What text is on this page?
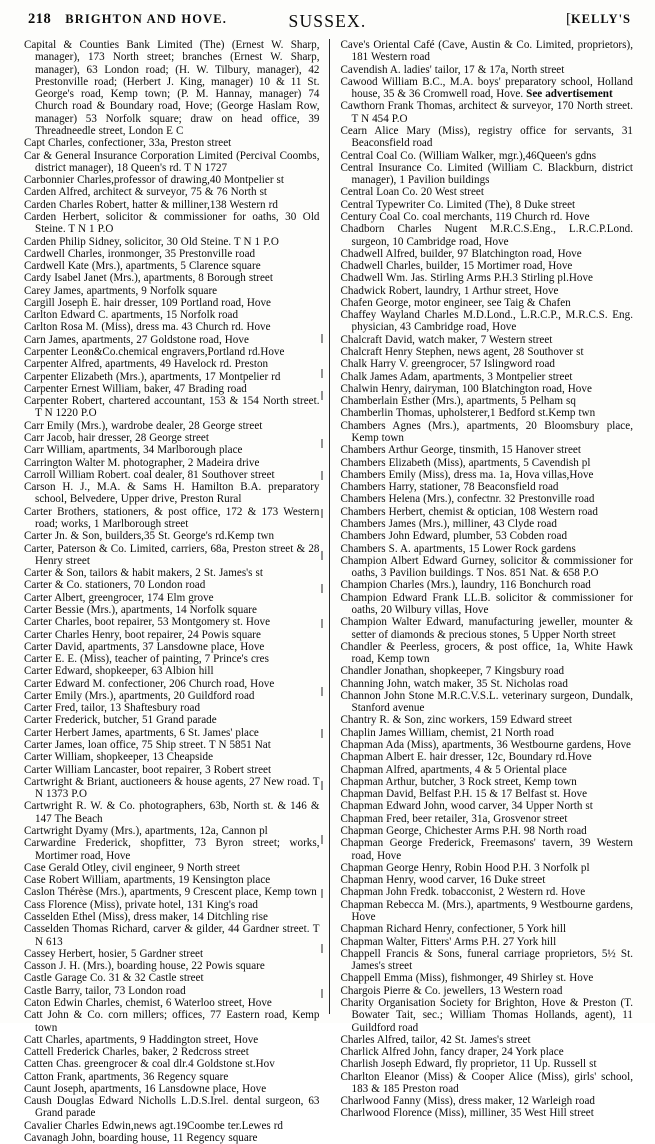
218 BRIGHTON AND HOVE.	SUSSEX.	[KELLY'S

Capital & Counties Bank Limited (The) (Ernest W. Sharp, manager), 173 North street; branches (Ernest W. Sharp, manager), 63 London road; (H. W. Tilbury, manager), 42 Prestonville road; (Herbert J. King, manager) 10 & 11 St. George's road, Kemp town; (P. M. Hannay, manager) 74 Church road & Boundary road, Hove; (George Haslam Row, manager) 53 Norfolk square; draw on head office, 39 Threadneedle street, London E C

Capt Charles, confectioner, 33a, Preston street

Car & General Insurance Corporation Limited (Percival Coombs, district manager), 18 Queen's rd. T N 1727

Carbonnier Charles,professor of drawing,40 Montpelier st

Carden Alfred, architect & surveyor, 75 & 76 North st

Carden Charles Robert, hatter & milliner,138 Western rd

Carden Herbert, solicitor & commissioner for oaths, 30 Old Steine. T N 1 P.O

Carden Philip Sidney, solicitor, 30 Old Steine. T N 1 P.O

Cardwell Charles, ironmonger, 35 Prestonville road

Cardwell Kate (Mrs.), apartments, 5 Clarence square

Cardy Isabel Janet (Mrs.), apartments, 8 Borough street

Carey James, apartments, 9 Norfolk square

Cargill Joseph E. hair dresser, 109 Portland road, Hove

Carlton Edward C. apartments, 15 Norfolk road

Carlton Rosa M. (Miss), dress ma. 43 Church rd. Hove

Carn James, apartments, 27 Goldstone road, Hove

Carpenter Leon&Co.chemical engravers,Portland rd.Hove

Carpenter Alfred, apartments, 49 Havelock rd. Preston

Carpenter Elizabeth (Mrs.), apartments, 17 Montpelier rd

Carpenter Ernest William, baker, 47 Brading road

Carpenter Robert, chartered accountant, 153 & 154 North street. T N 1220 P.O

Carr Emily (Mrs.), wardrobe dealer, 28 George street

Carr Jacob, hair dresser, 28 George street

Carr William, apartments, 34 Marlborough place

Carrington Walter M. photographer, 2 Madeira drive

Carroll William Robert. coal dealer, 81 Southover street

Carson H. J., M.A. & Sams H. Hamilton B.A. preparatory school, Belvedere, Upper drive, Preston Rural

Carter Brothers, stationers, & post office, 172 & 173 Western road; works, 1 Marlborough street

Carter Jn. & Son, builders,35 St. George's rd.Kemp twn

Carter, Paterson & Co. Limited, carriers, 68a, Preston street & 28 Henry street

Carter & Son, tailors & habit makers, 2 St. James's st

Carter & Co. stationers, 70 London road

Carter Albert, greengrocer, 174 Elm grove

Carter Bessie (Mrs.), apartments, 14 Norfolk square

Carter Charles, boot repairer, 53 Montgomery st. Hove

Carter Charles Henry, boot repairer, 24 Powis square

Carter David, apartments, 37 Lansdowne place, Hove

Carter E. E. (Miss), teacher of painting, 7 Prince's cres

Carter Edward, shopkeeper, 63 Albion hill

Carter Edward M. confectioner, 206 Church road, Hove

Carter Emily (Mrs.), apartments, 20 Guildford road

Carter Fred, tailor, 13 Shaftesbury road

Carter Frederick, butcher, 51 Grand parade

Carter Herbert James, apartments, 6 St. James' place

Carter James, loan office, 75 Ship street. T N 5851 Nat

Carter William, shopkeeper, 13 Cheapside

Carter William Lancaster, boot repairer, 3 Robert street

Cartwright & Briant, auctioneers & house agents, 27 New road. T N 1373 P.O

Cartwright R. W. & Co. photographers, 63b, North st. & 146 & 147 The Beach

Cartwright Dyamy (Mrs.), apartments, 12a, Cannon pl

Carwardine Frederick, shopfitter, 73 Byron street; works, Mortimer road, Hove

Case Gerald Otley, civil engineer, 9 North street

Case Robert William, apartments, 19 Kensington place

Caslon Thérèse (Mrs.), apartments, 9 Crescent place, Kemp town

Cass Florence (Miss), private hotel, 131 King's road

Casselden Ethel (Miss), dress maker, 14 Ditchling rise

Casselden Thomas Richard, carver & gilder, 44 Gardner street. T N 613

Cassey Herbert, hosier, 5 Gardner street

Casson J. H. (Mrs.), boarding house, 22 Powis square

Castle Garage Co. 31 & 32 Castle street

Castle Barry, tailor, 73 London road

Caton Edwin Charles, chemist, 6 Waterloo street, Hove

Catt John & Co. corn millers; offices, 77 Eastern road, Kemp town

Catt Charles, apartments, 9 Haddington street, Hove

Cattell Frederick Charles, baker, 2 Redcross street

Catten Chas. greengrocer & coal dlr.4 Goldstone st.Hov

Catton Frank, apartments, 36 Regency square

Caunt Joseph, apartments, 16 Lansdowne place, Hove

Caush Douglas Edward Nicholls L.D.S.Irel. dental surgeon, 63 Grand parade

Cavalier Charles Edwin,news agt.19Coombe ter.Lewes rd

Cavanagh John, boarding house, 11 Regency square

Cave's Oriental Café (Cave, Austin & Co. Limited, proprietors), 181 Western road

Cavendish A. ladies' tailor, 17 & 17a, North street

Cawood William B.C., M.A. boys' preparatory school, Holland house, 35 & 36 Cromwell road, Hove. See advertisement

Cawthorn Frank Thomas, architect & surveyor, 170 North street. T N 454 P.O

Cearn Alice Mary (Miss), registry office for servants, 31 Beaconsfield road

Central Coal Co. (William Walker, mgr.),46Queen's gdns

Central Insurance Co. Limited (William C. Blackburn, district manager), 1 Pavilion buildings

Central Loan Co. 20 West street

Central Typewriter Co. Limited (The), 8 Duke street

Century Coal Co. coal merchants, 119 Church rd. Hove

Chadborn Charles Nugent M.R.C.S.Eng., L.R.C.P.Lond. surgeon, 10 Cambridge road, Hove

Chadwell Alfred, builder, 97 Blatchington road, Hove

Chadwell Charles, builder, 15 Mortimer road, Hove

Chadwell Wm. Jas. Stirling Arms P.H.3 Stirling pl.Hove

Chadwick Robert, laundry, 1 Arthur street, Hove

Chafen George, motor engineer, see Taig & Chafen

Chaffey Wayland Charles M.D.Lond., L.R.C.P., M.R.C.S. Eng. physician, 43 Cambridge road, Hove

Chalcraft David, watch maker, 7 Western street

Chalcraft Henry Stephen, news agent, 28 Southover st

Chalk Harry V. greengrocer, 57 Islingword road

Chalk James Adam, apartments, 3 Montpelier street

Chalwin Henry, dairyman, 100 Blatchington road, Hove

Chamberlain Esther (Mrs.), apartments, 5 Pelham sq

Chamberlin Thomas, upholsterer,1 Bedford st.Kemp twn

Chambers Agnes (Mrs.), apartments, 20 Bloomsbury place, Kemp town

Chambers Arthur George, tinsmith, 15 Hanover street

Chambers Elizabeth (Miss), apartments, 5 Cavendish pl

Chambers Emily (Miss), dress ma. 1a, Hova villas,Hove

Chambers Harry, stationer, 78 Beaconsfield road

Chambers Helena (Mrs.), confectnr. 32 Prestonville road

Chambers Herbert, chemist & optician, 108 Western road

Chambers James (Mrs.), milliner, 43 Clyde road

Chambers John Edward, plumber, 53 Cobden road

Chambers S. A. apartments, 15 Lower Rock gardens

Champion Albert Edward Gurney, solicitor & commissioner for oaths, 3 Pavilion buildings. T Nos. 851 Nat. & 658 P.O

Champion Charles (Mrs.), laundry, 116 Bonchurch road

Champion Edward Frank LL.B. solicitor & commissioner for oaths, 20 Wilbury villas, Hove

Champion Walter Edward, manufacturing jeweller, mounter & setter of diamonds & precious stones, 5 Upper North street

Chandler & Peerless, grocers, & post office, 1a, White Hawk road, Kemp town

Chandler Jonathan, shopkeeper, 7 Kingsbury road

Channing John, watch maker, 35 St. Nicholas road

Channon John Stone M.R.C.V.S.L. veterinary surgeon, Dundalk, Stanford avenue

Chantry R. & Son, zinc workers, 159 Edward street

Chaplin James William, chemist, 21 North road

Chapman Ada (Miss), apartments, 36 Westbourne gardens, Hove

Chapman Albert E. hair dresser, 12c, Boundary rd.Hove

Chapman Alfred, apartments, 4 & 5 Oriental place

Chapman Arthur, butcher, 3 Rock street, Kemp town

Chapman David, Belfast P.H. 15 & 17 Belfast st. Hove

Chapman Edward John, wood carver, 34 Upper North st

Chapman Fred, beer retailer, 31a, Grosvenor street

Chapman George, Chichester Arms P.H. 98 North road

Chapman George Frederick, Freemasons' tavern, 39 Western road, Hove

Chapman George Henry, Robin Hood P.H. 3 Norfolk pl

Chapman Henry, wood carver, 16 Duke street

Chapman John Fredk. tobacconist, 2 Western rd. Hove

Chapman Rebecca M. (Mrs.), apartments, 9 Westbourne gardens, Hove

Chapman Richard Henry, confectioner, 5 York hill

Chapman Walter, Fitters' Arms P.H. 27 York hill

Chappell Francis & Sons, funeral carriage proprietors, 5½ St. James's street

Chappell Emma (Miss), fishmonger, 49 Shirley st. Hove

Chargois Pierre & Co. jewellers, 13 Western road

Charity Organisation Society for Brighton, Hove & Preston (T. Bowater Tait, sec.; William Thomas Hollands, agent), 11 Guildford road

Charles Alfred, tailor, 42 St. James's street

Charlick Alfred John, fancy draper, 24 York place

Charlish Joseph Edward, fly proprietor, 11 Up. Russell st

Charlton Eleanor (Miss) & Cooper Alice (Miss), girls' school, 183 & 185 Preston road

Charlwood Fanny (Miss), dress maker, 12 Warleigh road

Charlwood Florence (Miss), milliner, 35 West Hill street
